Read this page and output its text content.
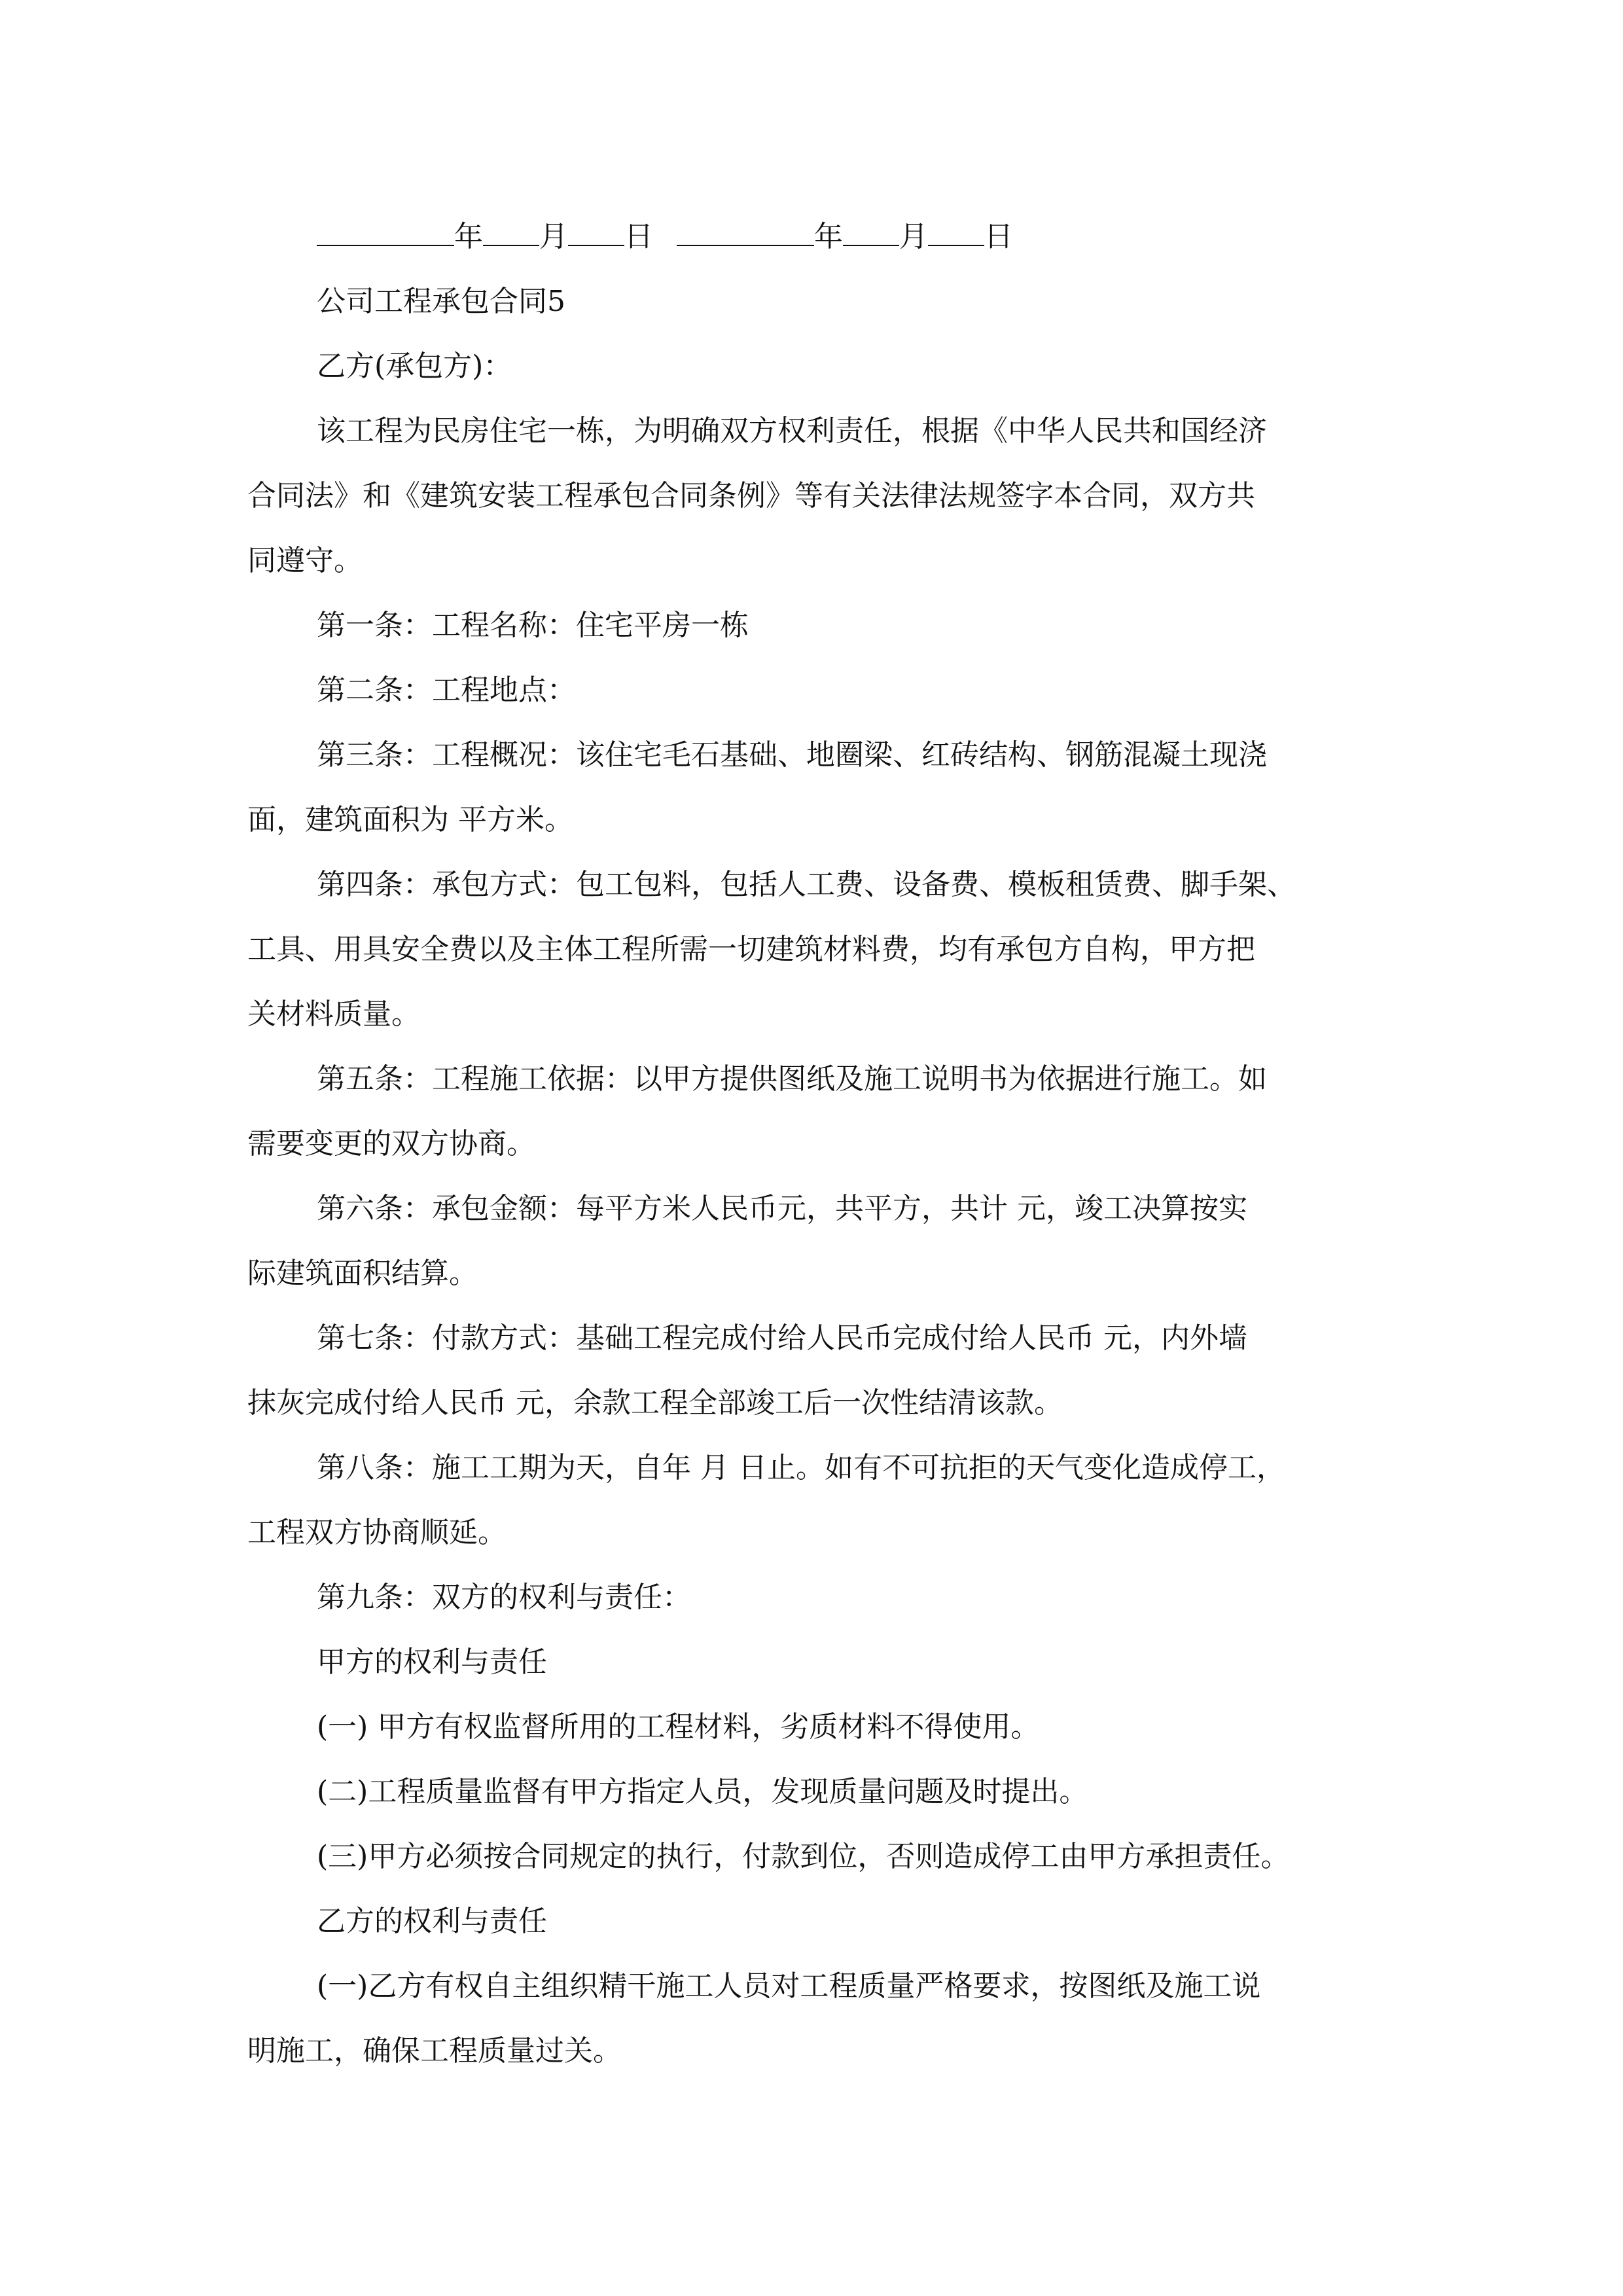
年 月 日	年 月 日
公司工程承包合同5
乙方(承包方)：
该工程为民房住宅一栋，为明确双方权利责任，根据《中华人民共和国经济
合同法》和《建筑安装工程承包合同条例》等有关法律法规签字本合同，双方共
同遵守。
第一条：工程名称：住宅平房一栋
第二条：工程地点：
第三条：工程概况：该住宅毛石基础、地圈梁、红砖结构、钢筋混凝土现浇
面，建筑面积为 平方米。
第四条：承包方式：包工包料，包括人工费、设备费、模板租赁费、脚手架、
工具、用具安全费以及主体工程所需一切建筑材料费，均有承包方自构，甲方把
关材料质量。
第五条：工程施工依据：以甲方提供图纸及施工说明书为依据进行施工。如
需要变更的双方协商。
第六条：承包金额：每平方米人民币元，共平方，共计 元，竣工决算按实
际建筑面积结算。
第七条：付款方式：基础工程完成付给人民币完成付给人民币 元，内外墙
抹灰完成付给人民币 元，余款工程全部竣工后一次性结清该款。
第八条：施工工期为天，自年 月 日止。如有不可抗拒的天气变化造成停工，
工程双方协商顺延。
第九条：双方的权利与责任：
甲方的权利与责任
(一) 甲方有权监督所用的工程材料，劣质材料不得使用。
(二)工程质量监督有甲方指定人员，发现质量问题及时提出。
(三)甲方必须按合同规定的执行，付款到位，否则造成停工由甲方承担责任。
乙方的权利与责任
(一)乙方有权自主组织精干施工人员对工程质量严格要求，按图纸及施工说
明施工，确保工程质量过关。
